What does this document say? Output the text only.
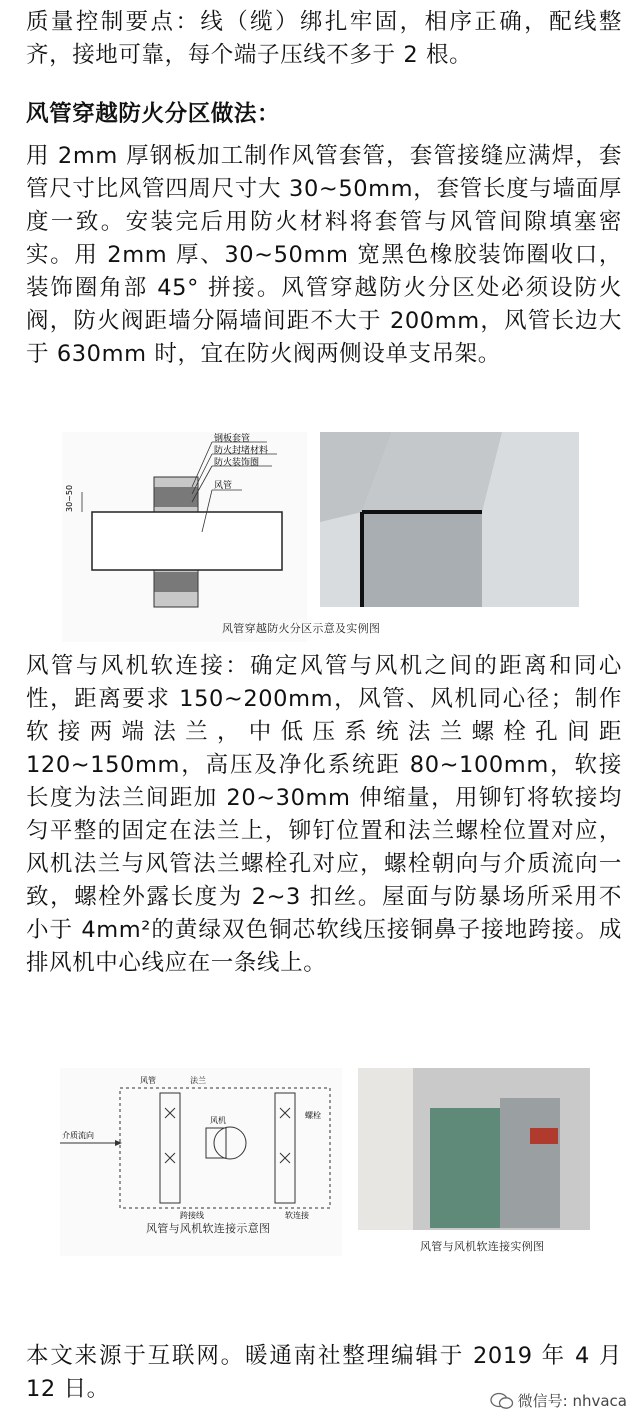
质量控制要点：线（缆）绑扎牢固，相序正确，配线整齐，接地可靠，每个端子压线不多于 2 根。

风管穿越防火分区做法：

用 2mm 厚钢板加工制作风管套管，套管接缝应满焊，套管尺寸比风管四周尺寸大 30~50mm，套管长度与墙面厚度一致。安装完后用防火材料将套管与风管间隙填塞密实。用 2mm 厚、30~50mm 宽黑色橡胶装饰圈收口，装饰圈角部 45° 拼接。风管穿越防火分区处必须设防火阀，防火阀距墙分隔墙间距不大于 200mm，风管长边大于 630mm 时，宜在防火阀两侧设单支吊架。

钢板套管
防火封堵材料
防火装饰圈
风管
30~50
风管穿越防火分区示意及实例图

风管与风机软连接：确定风管与风机之间的距离和同心性，距离要求 150~200mm，风管、风机同心径；制作软接两端法兰，中低压系统法兰螺栓孔间距 120~150mm，高压及净化系统距 80~100mm，软接长度为法兰间距加 20~30mm 伸缩量，用铆钉将软接均匀平整的固定在法兰上，铆钉位置和法兰螺栓位置对应，风机法兰与风管法兰螺栓孔对应，螺栓朝向与介质流向一致，螺栓外露长度为 2~3 扣丝。屋面与防暴场所采用不小于 4mm²的黄绿双色铜芯软线压接铜鼻子接地跨接。成排风机中心线应在一条线上。

介质流向
风管	法兰
风机
螺栓
跨接线	软连接
风管与风机软连接示意图
风管与风机软连接实例图

本文来源于互联网。暖通南社整理编辑于 2019 年 4 月 12 日。	微信号: nhvaca
